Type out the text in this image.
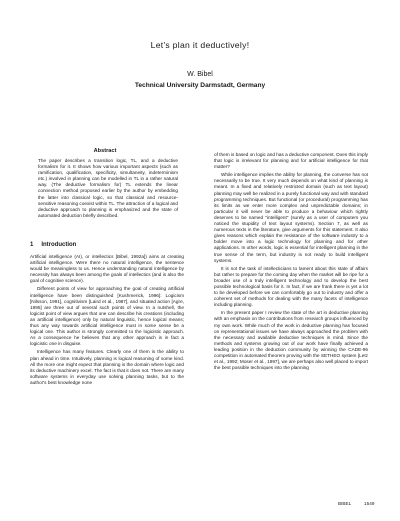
Let's plan it deductively!
W. Bibel
Technical University Darmstadt, Germany
Abstract

The paper describes a transition logic, TL, and a deductive formalism for it. It shows how various important aspects (such as ramification, qualification, specificity, simultaneity, indeterminism etc.) involved in planning can be modelled in TL in a rather natural way. (The deductive formalism for) TL extends the linear connection method proposed earlier by the author by embedding the latter into classical logic, so that classical and resource-sensitive reasoning coexist within TL. The attraction of a logical and deductive approach to planning is emphasized and the state of automated deduction briefly described.

1 Introduction

Artificial intelligence (AI), or intellectics [Bibel, 1992a]) aims at creating artificial intelligence. Were there no natural intelligence, the sentence would be meaningless to us. Hence understanding natural intelligence by necessity has always been among the goals of intellectics (and is also the goal of cognitive science).

Different points of view for approaching the goal of creating artificial intelligence have been distinguished [Kushmerick, 1996]: Logicism [Nilsson, 1991], cognitivism [Laird et al., 1987], and situated action [Agre, 1995] are three out of several such points of view. In a nutshell, the logicist point of view argues that one can describe his creations (including an artificial intelligence) only by natural linguistic, hence logical means; thus any way towards artificial intelligence must in some sense be a logical one. This author is strongly committed to the logicistic approach. As a consequence he believes that any other approach is in fact a logicistic one in disguise.

Intelligence has many features. Clearly one of them is the ability to plan ahead in time. Intuitively, planning is logical reasoning of some kind. All the more one might expect that planning is the domain where logic and its deductive machinery excel. The fact is that it does not. There are many software systems in everyday use solving planning tasks, but to the author's best knowledge none

of them is based on logic and has a deductive component. Does this imply that logic is irrelevant for planning and for artificial intelligence for that matter?

While intelligence implies the ability for planning, the converse has not necessarily to be true. It very much depends on what kind of planning is meant. In a fixed and relatively restricted domain (such as text layout) planning may well be realized in a purely functional way and with standard programming techniques. But functional (or procedural) programming has its limits as we enter more complex and unpredictable domains; in particular it will never be able to produce a behaviour which rightly deserves to be named "intelligent" (surely as a user of computers you noticed the stupidity of text layout systems). Section 7, as well as numerous texts in the literature, give arguments for this statement. It also gives reasons which explain the resistance of the software industry to a bolder move into a logic technology for planning and for other applications. In other words, logic is essential for intelligent planning in the true sense of the term, but industry is not ready to build intelligent systems.

It is not the task of intellecticians to lament about this state of affairs but rather to prepare for the coming day when the market will be ripe for a broader use of a truly intelligent technology and to develop the best possible technological basis for it. In fact, if we are frank there is yet a lot to be developed before we can comfortably go out to industry and offer a coherent set of methods for dealing with the many facets of intelligence including planning.

In the present paper I review the state of the art in deductive planning with an emphasis on the contributions from research groups influenced by my own work. While much of the work in deductive planning has focused on representational issues we have always approached the problem with the necessary and available deductive techniques in mind. Since the methods and systems growing out of our work have finally achieved a leading position in the deduction community by winning the CADE-96 competition in automated theorem proving with the SETHEO system [Letz et al., 1992; Moser et al., 1997], we are perhaps also well placed to import the best possible techniques into the planning

BIBEL	1549
